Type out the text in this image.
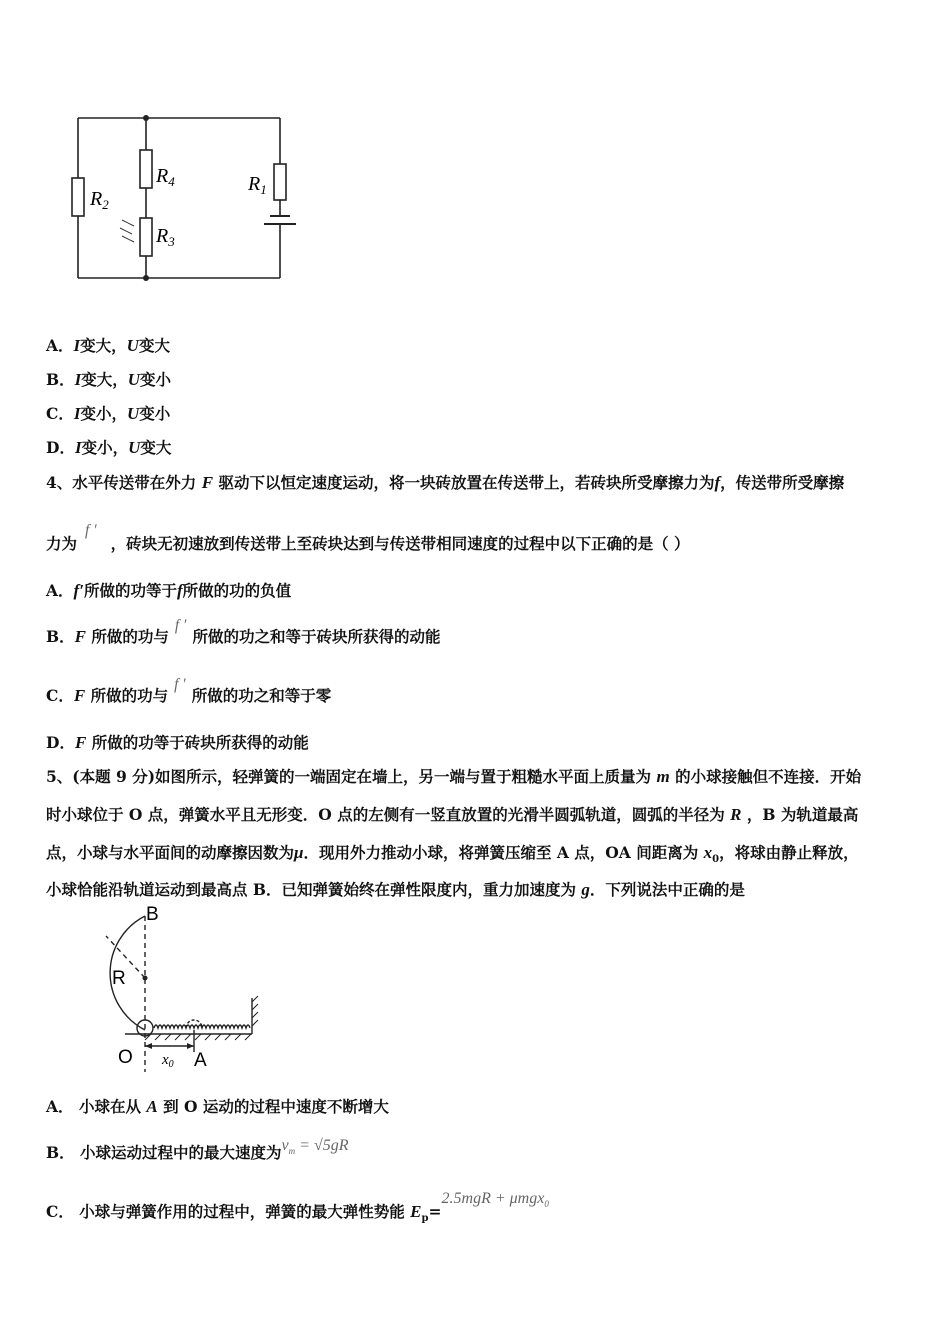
$R_2$
$R_4$
$R_3$
$R_1$
A．I变大，U变大
B．I变大，U变小
C．I变小，U变小
D．I变小，U变大
4、水平传送带在外力 F 驱动下以恒定速度运动，将一块砖放置在传送带上，若砖块所受摩擦力为f，传送带所受摩擦
力为f ′，砖块无初速放到传送带上至砖块达到与传送带相同速度的过程中以下正确的是（ ）
A．f′所做的功等于f所做的功的负值
B．F 所做的功与f ′所做的功之和等于砖块所获得的动能
C．F 所做的功与f ′所做的功之和等于零
D．F 所做的功等于砖块所获得的动能
5、(本题 9 分)如图所示，轻弹簧的一端固定在墙上，另一端与置于粗糙水平面上质量为 m 的小球接触但不连接．开始
时小球位于 O 点，弹簧水平且无形变．O 点的左侧有一竖直放置的光滑半圆弧轨道，圆弧的半径为 R ，B 为轨道最高
点，小球与水平面间的动摩擦因数为μ．现用外力推动小球，将弹簧压缩至 A 点，OA 间距离为 $x_0$，将球由静止释放，
小球恰能沿轨道运动到最高点 B．已知弹簧始终在弹性限度内，重力加速度为 g．下列说法中正确的是
B
R
O	A
$x_0$
A． 小球在从 A 到 O 运动的过程中速度不断增大
B． 小球运动过程中的最大速度为$v_m = √5gR$
C． 小球与弹簧作用的过程中，弹簧的最大弹性势能 $E_p=2.5mgR + \mu mgx_0$
